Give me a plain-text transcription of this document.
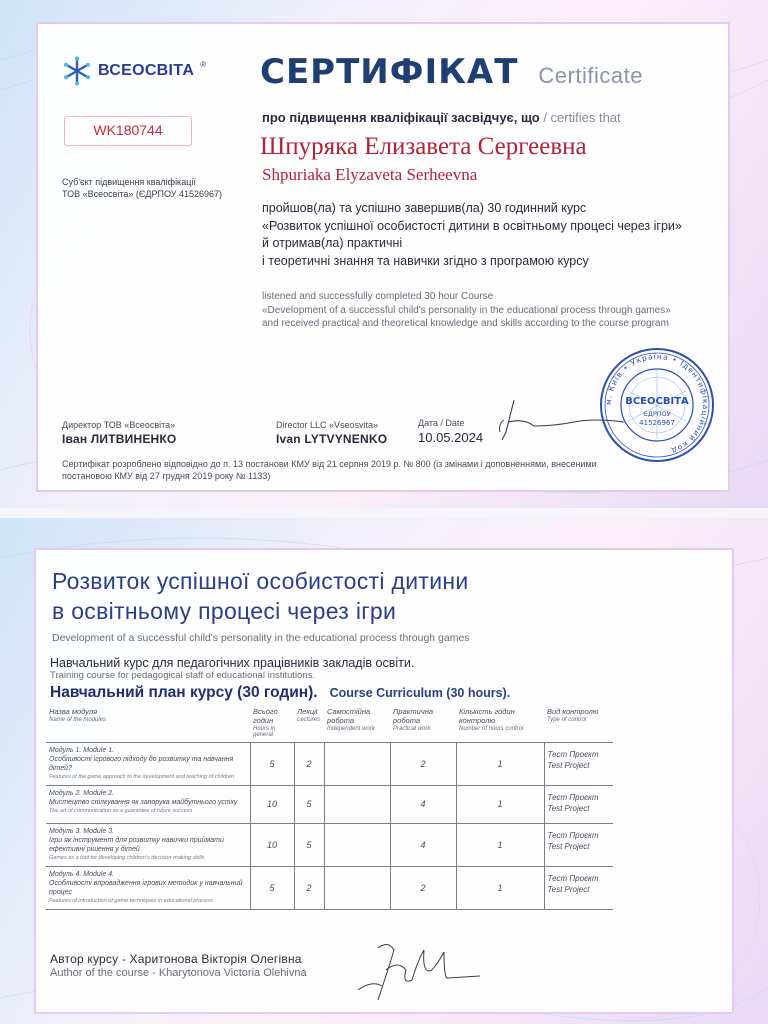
ВСЕОСВІТА ®
WK180744
Суб'єкт підвищення кваліфікації
ТОВ «Всеосвіта» (ЄДРПОУ 41526967)
СЕРТИФІКАТ Certificate
про підвищення кваліфікації засвідчує, що / certifies that
Шпуряка Елизавета Сергеевна
Shpuriaka Elyzaveta Serheevna
пройшов(ла) та успішно завершив(ла) 30 годинний курс
«Розвиток успішної особистості дитини в освітньому процесі через ігри»
й отримав(ла) практичні
і теоретичні знання та навички згідно з програмою курсу
listened and successfully completed 30 hour Course
«Development of a successful child's personality in the educational process through games»
and received practical and theoretical knowledge and skills according to the course program
Директор ТОВ «Всеосвіта»
Іван ЛИТВИНЕНКО
Director LLC «Vseosvita»
Ivan LYTVYNENKO
Дата / Date
10.05.2024
м. Київ • Україна • Ідентифікаційний код
ВСЕОСВІТА
ЄДРПОУ
41526967
Сертифікат розроблено відповідно до п. 13 постанови КМУ від 21 серпня 2019 р. № 800 (із змінами і доповненнями, внесеними постановою КМУ від 27 грудня 2019 року № 1133)
Розвиток успішної особистості дитини
в освітньому процесі через ігри
Development of a successful child's personality in the educational process through games
Навчальний курс для педагогічних працівників закладів освіти.
Training course for pedagogical staff of educational institutions.
Навчальний план курсу (30 годин). Course Curriculum (30 hours).
Назва модуля
Name of the modules	Всього годин
Hours in general	Лекції
Lectures	Самостійна робота
Independent work	Практична робота
Practical work	Кількість годин контролю
Number of hours control	Вид контролю
Type of control

Модуль 1. Module 1.
Особливості ігрового підходу до розвитку та навчання дітей?
Features of the game approach to the development and teaching of children	5	2		2	1	Тест Проєкт Test Project
Модуль 2. Module 2.
Мистецтво спілкування як запорука майбутнього успіху
The art of communication as a guarantee of future success	10	5		4	1	Тест Проєкт Test Project
Модуль 3. Module 3.
Ігри як інструмент для розвитку навички приймати ефективні рішення у дітей
Games as a tool for developing children's decision-making skills	10	5		4	1	Тест Проєкт Test Project
Модуль 4. Module 4.
Особливості впровадження ігрових методик у навчальний процес
Features of introduction of game techniques in educational process	5	2		2	1	Тест Проєкт Test Project
Автор курсу - Харитонова Вікторія Олегівна
Author of the course - Kharytonova Victoria Olehivna
